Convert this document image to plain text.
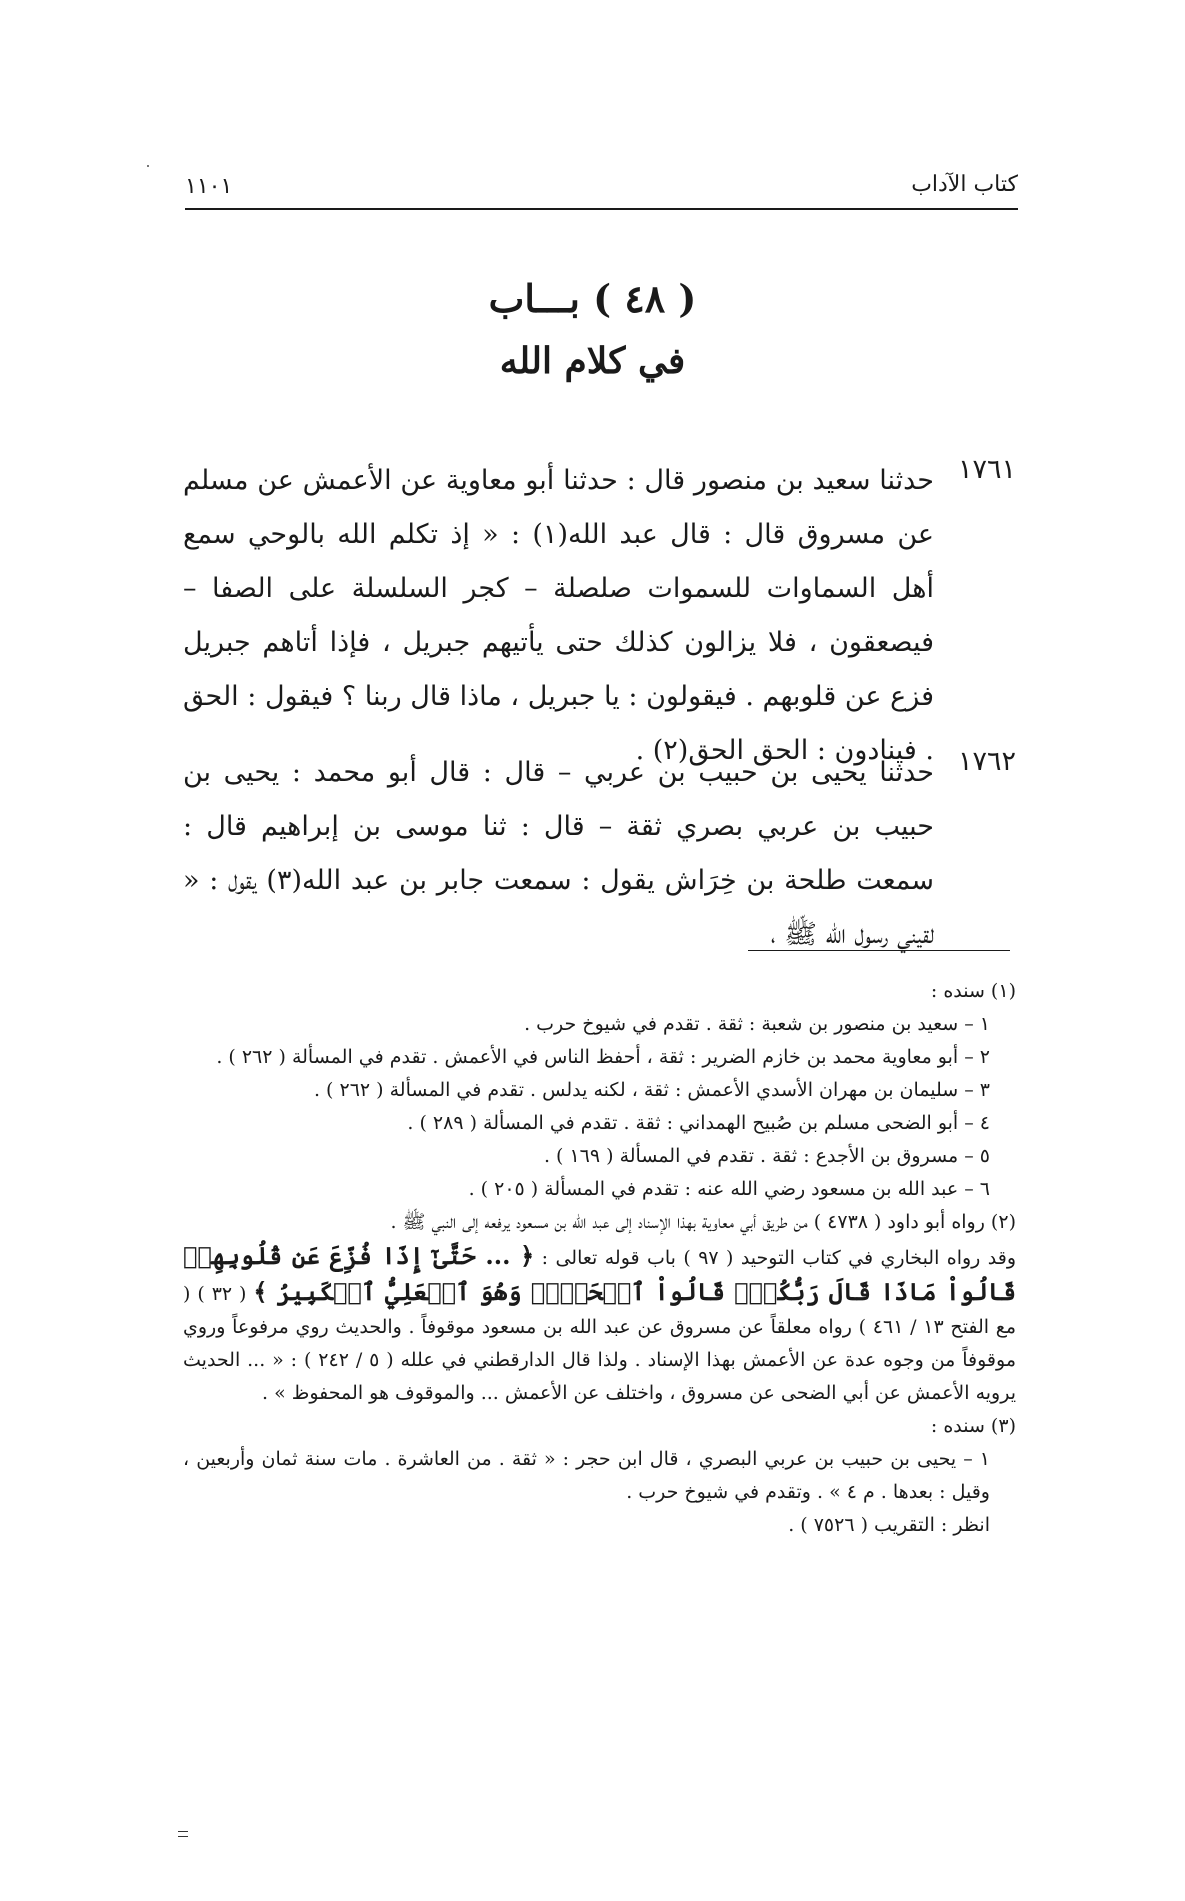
كتاب الآداب
١١٠١
( ٤٨ ) بـــاب
في كلام الله
١٧٦١
حدثنا سعيد بن منصور قال : حدثنا أبو معاوية عن الأعمش عن مسلم عن مسروق قال : قال عبد الله(١) : « إذ تكلم الله بالوحي سمع أهل السماوات للسموات صلصلة – كجر السلسلة على الصفا – فيصعقون ، فلا يزالون كذلك حتى يأتيهم جبريل ، فإذا أتاهم جبريل فزع عن قلوبهم . فيقولون : يا جبريل ، ماذا قال ربنا ؟ فيقول : الحق . فينادون : الحق الحق(٢) . ١٧٦٢
حدثنا يحيى بن حبيب بن عربي – قال : قال أبو محمد : يحيى بن حبيب بن عربي بصري ثقة – قال : ثنا موسى بن إبراهيم قال : سمعت طلحة بن خِرَاش يقول : سمعت جابر بن عبد الله(٣) يقول : « لقيني رسول الله ﷺ ،

(١) سنده :

١ – سعيد بن منصور بن شعبة : ثقة . تقدم في شيوخ حرب .

٢ – أبو معاوية محمد بن خازم الضرير : ثقة ، أحفظ الناس في الأعمش . تقدم في المسألة ( ٢٦٢ ) .

٣ – سليمان بن مهران الأسدي الأعمش : ثقة ، لكنه يدلس . تقدم في المسألة ( ٢٦٢ ) .

٤ – أبو الضحى مسلم بن صُبيح الهمداني : ثقة . تقدم في المسألة ( ٢٨٩ ) .

٥ – مسروق بن الأجدع : ثقة . تقدم في المسألة ( ١٦٩ ) .

٦ – عبد الله بن مسعود رضي الله عنه : تقدم في المسألة ( ٢٠٥ ) .

(٢) رواه أبو داود ( ٤٧٣٨ ) من طريق أبي معاوية بهذا الإسناد إلى عبد الله بن مسعود يرفعه إلى النبي ﷺ .

وقد رواه البخاري في كتاب التوحيد ( ٩٧ ) باب قوله تعالى : ﴿ ... حَتَّىٰٓ إِذَا فُزِّعَ عَن قُلُوبِهِمۡ قَالُواْ مَاذَا قَالَ رَبُّكُمۡۖ قَالُواْ ٱلۡحَقَّۖ وَهُوَ ٱلۡعَلِيُّ ٱلۡكَبِيرُ ﴾ ( ٣٢ ) ( مع الفتح ١٣ / ٤٦١ ) رواه معلقاً عن مسروق عن عبد الله بن مسعود موقوفاً . والحديث روي مرفوعاً وروي موقوفاً من وجوه عدة عن الأعمش بهذا الإسناد . ولذا قال الدارقطني في علله ( ٥ / ٢٤٢ ) : « ... الحديث يرويه الأعمش عن أبي الضحى عن مسروق ، واختلف عن الأعمش ... والموقوف هو المحفوظ » .

(٣) سنده :

١ – يحيى بن حبيب بن عربي البصري ، قال ابن حجر : « ثقة . من العاشرة . مات سنة ثمان وأربعين ، وقيل : بعدها . م ٤ » . وتقدم في شيوخ حرب .

انظر : التقريب ( ٧٥٢٦ ) .
